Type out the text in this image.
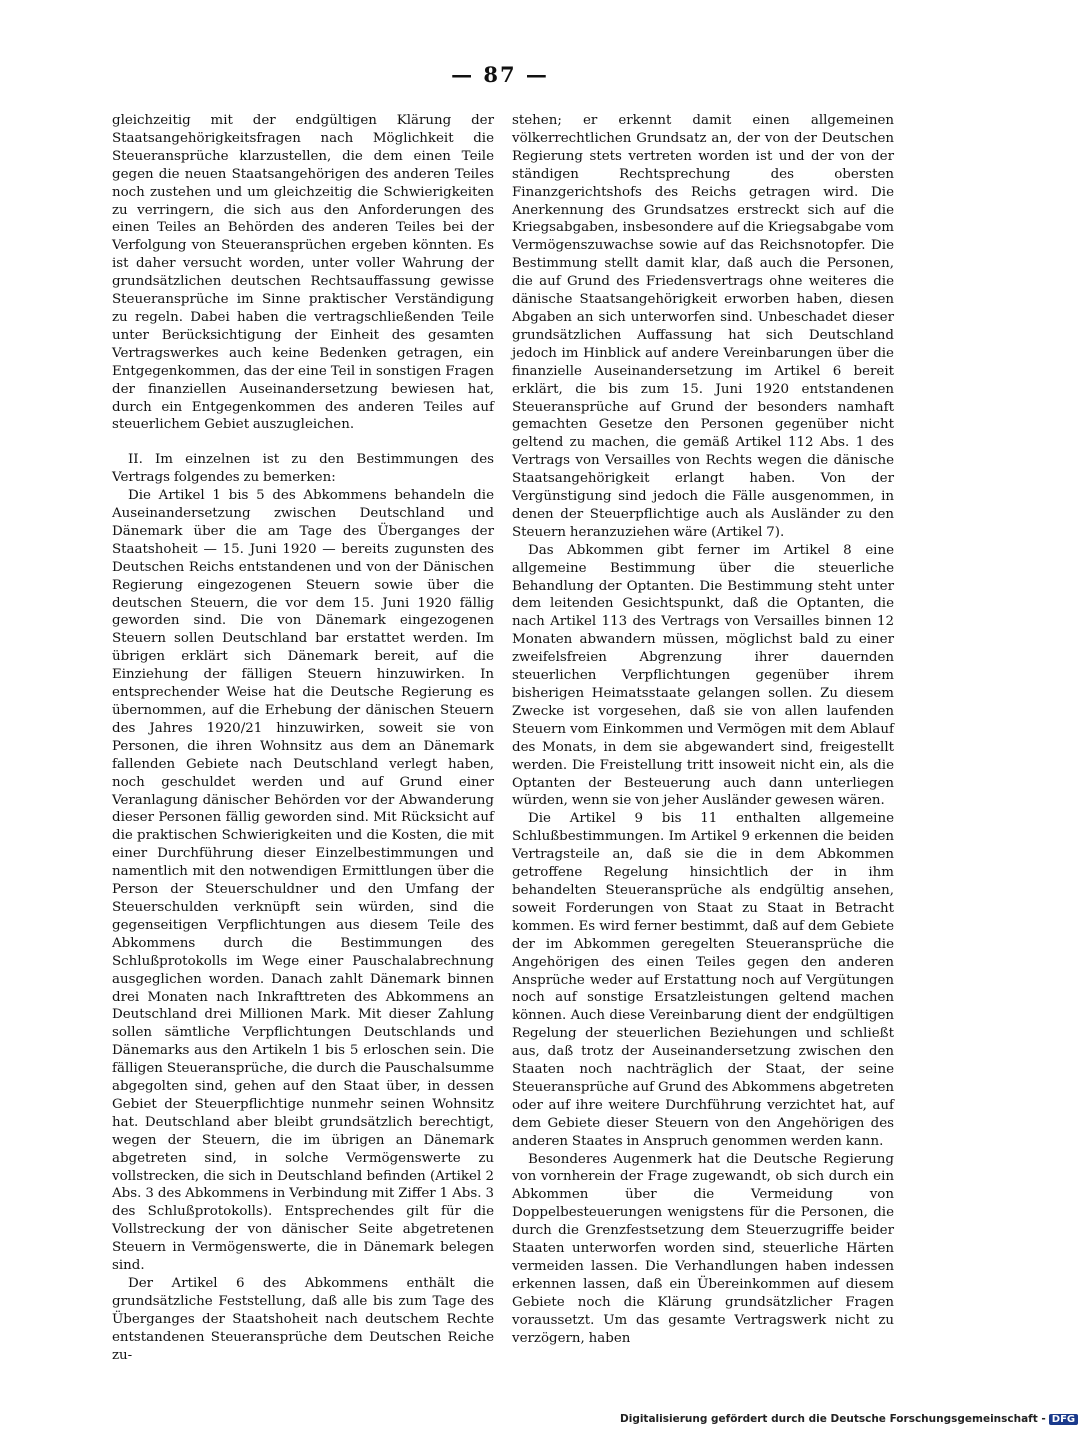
— 87 —

gleichzeitig mit der endgültigen Klärung der Staatsangehörigkeitsfragen nach Möglichkeit die Steueransprüche klarzustellen, die dem einen Teile gegen die neuen Staatsangehörigen des anderen Teiles noch zustehen und um gleichzeitig die Schwierigkeiten zu verringern, die sich aus den Anforderungen des einen Teiles an Behörden des anderen Teiles bei der Verfolgung von Steueransprüchen ergeben könnten. Es ist daher versucht worden, unter voller Wahrung der grundsätzlichen deutschen Rechtsauffassung gewisse Steueransprüche im Sinne praktischer Verständigung zu regeln. Dabei haben die vertragschließenden Teile unter Berücksichtigung der Einheit des gesamten Vertragswerkes auch keine Bedenken getragen, ein Entgegenkommen, das der eine Teil in sonstigen Fragen der finanziellen Auseinandersetzung bewiesen hat, durch ein Entgegenkommen des anderen Teiles auf steuerlichem Gebiet auszugleichen.

II. Im einzelnen ist zu den Bestimmungen des Vertrags folgendes zu bemerken:

Die Artikel 1 bis 5 des Abkommens behandeln die Auseinandersetzung zwischen Deutschland und Dänemark über die am Tage des Überganges der Staatshoheit — 15. Juni 1920 — bereits zugunsten des Deutschen Reichs entstandenen und von der Dänischen Regierung eingezogenen Steuern sowie über die deutschen Steuern, die vor dem 15. Juni 1920 fällig geworden sind. Die von Dänemark eingezogenen Steuern sollen Deutschland bar erstattet werden. Im übrigen erklärt sich Dänemark bereit, auf die Einziehung der fälligen Steuern hinzuwirken. In entsprechender Weise hat die Deutsche Regierung es übernommen, auf die Erhebung der dänischen Steuern des Jahres 1920/21 hinzuwirken, soweit sie von Personen, die ihren Wohnsitz aus dem an Dänemark fallenden Gebiete nach Deutschland verlegt haben, noch geschuldet werden und auf Grund einer Veranlagung dänischer Behörden vor der Abwanderung dieser Personen fällig geworden sind. Mit Rücksicht auf die praktischen Schwierigkeiten und die Kosten, die mit einer Durchführung dieser Einzelbestimmungen und namentlich mit den notwendigen Ermittlungen über die Person der Steuerschuldner und den Umfang der Steuerschulden verknüpft sein würden, sind die gegenseitigen Verpflichtungen aus diesem Teile des Abkommens durch die Bestimmungen des Schlußprotokolls im Wege einer Pauschalabrechnung ausgeglichen worden. Danach zahlt Dänemark binnen drei Monaten nach Inkrafttreten des Abkommens an Deutschland drei Millionen Mark. Mit dieser Zahlung sollen sämtliche Verpflichtungen Deutschlands und Dänemarks aus den Artikeln 1 bis 5 erloschen sein. Die fälligen Steueransprüche, die durch die Pauschalsumme abgegolten sind, gehen auf den Staat über, in dessen Gebiet der Steuerpflichtige nunmehr seinen Wohnsitz hat. Deutschland aber bleibt grundsätzlich berechtigt, wegen der Steuern, die im übrigen an Dänemark abgetreten sind, in solche Vermögenswerte zu vollstrecken, die sich in Deutschland befinden (Artikel 2 Abs. 3 des Abkommens in Verbindung mit Ziffer 1 Abs. 3 des Schlußprotokolls). Entsprechendes gilt für die Vollstreckung der von dänischer Seite abgetretenen Steuern in Vermögenswerte, die in Dänemark belegen sind.

Der Artikel 6 des Abkommens enthält die grundsätzliche Feststellung, daß alle bis zum Tage des Überganges der Staatshoheit nach deutschem Rechte entstandenen Steueransprüche dem Deutschen Reiche zu-

stehen; er erkennt damit einen allgemeinen völkerrechtlichen Grundsatz an, der von der Deutschen Regierung stets vertreten worden ist und der von der ständigen Rechtsprechung des obersten Finanzgerichtshofs des Reichs getragen wird. Die Anerkennung des Grundsatzes erstreckt sich auf die Kriegsabgaben, insbesondere auf die Kriegsabgabe vom Vermögenszuwachse sowie auf das Reichsnotopfer. Die Bestimmung stellt damit klar, daß auch die Personen, die auf Grund des Friedensvertrags ohne weiteres die dänische Staatsangehörigkeit erworben haben, diesen Abgaben an sich unterworfen sind. Unbeschadet dieser grundsätzlichen Auffassung hat sich Deutschland jedoch im Hinblick auf andere Vereinbarungen über die finanzielle Auseinandersetzung im Artikel 6 bereit erklärt, die bis zum 15. Juni 1920 entstandenen Steueransprüche auf Grund der besonders namhaft gemachten Gesetze den Personen gegenüber nicht geltend zu machen, die gemäß Artikel 112 Abs. 1 des Vertrags von Versailles von Rechts wegen die dänische Staatsangehörigkeit erlangt haben. Von der Vergünstigung sind jedoch die Fälle ausgenommen, in denen der Steuerpflichtige auch als Ausländer zu den Steuern heranzuziehen wäre (Artikel 7).

Das Abkommen gibt ferner im Artikel 8 eine allgemeine Bestimmung über die steuerliche Behandlung der Optanten. Die Bestimmung steht unter dem leitenden Gesichtspunkt, daß die Optanten, die nach Artikel 113 des Vertrags von Versailles binnen 12 Monaten abwandern müssen, möglichst bald zu einer zweifelsfreien Abgrenzung ihrer dauernden steuerlichen Verpflichtungen gegenüber ihrem bisherigen Heimatsstaate gelangen sollen. Zu diesem Zwecke ist vorgesehen, daß sie von allen laufenden Steuern vom Einkommen und Vermögen mit dem Ablauf des Monats, in dem sie abgewandert sind, freigestellt werden. Die Freistellung tritt insoweit nicht ein, als die Optanten der Besteuerung auch dann unterliegen würden, wenn sie von jeher Ausländer gewesen wären.

Die Artikel 9 bis 11 enthalten allgemeine Schlußbestimmungen. Im Artikel 9 erkennen die beiden Vertragsteile an, daß sie die in dem Abkommen getroffene Regelung hinsichtlich der in ihm behandelten Steueransprüche als endgültig ansehen, soweit Forderungen von Staat zu Staat in Betracht kommen. Es wird ferner bestimmt, daß auf dem Gebiete der im Abkommen geregelten Steueransprüche die Angehörigen des einen Teiles gegen den anderen Ansprüche weder auf Erstattung noch auf Vergütungen noch auf sonstige Ersatzleistungen geltend machen können. Auch diese Vereinbarung dient der endgültigen Regelung der steuerlichen Beziehungen und schließt aus, daß trotz der Auseinandersetzung zwischen den Staaten noch nachträglich der Staat, der seine Steueransprüche auf Grund des Abkommens abgetreten oder auf ihre weitere Durchführung verzichtet hat, auf dem Gebiete dieser Steuern von den Angehörigen des anderen Staates in Anspruch genommen werden kann.

Besonderes Augenmerk hat die Deutsche Regierung von vornherein der Frage zugewandt, ob sich durch ein Abkommen über die Vermeidung von Doppelbesteuerungen wenigstens für die Personen, die durch die Grenzfestsetzung dem Steuerzugriffe beider Staaten unterworfen worden sind, steuerliche Härten vermeiden lassen. Die Verhandlungen haben indessen erkennen lassen, daß ein Übereinkommen auf diesem Gebiete noch die Klärung grundsätzlicher Fragen voraussetzt. Um das gesamte Vertragswerk nicht zu verzögern, haben

Digitalisierung gefördert durch die Deutsche Forschungsgemeinschaft - DFG
